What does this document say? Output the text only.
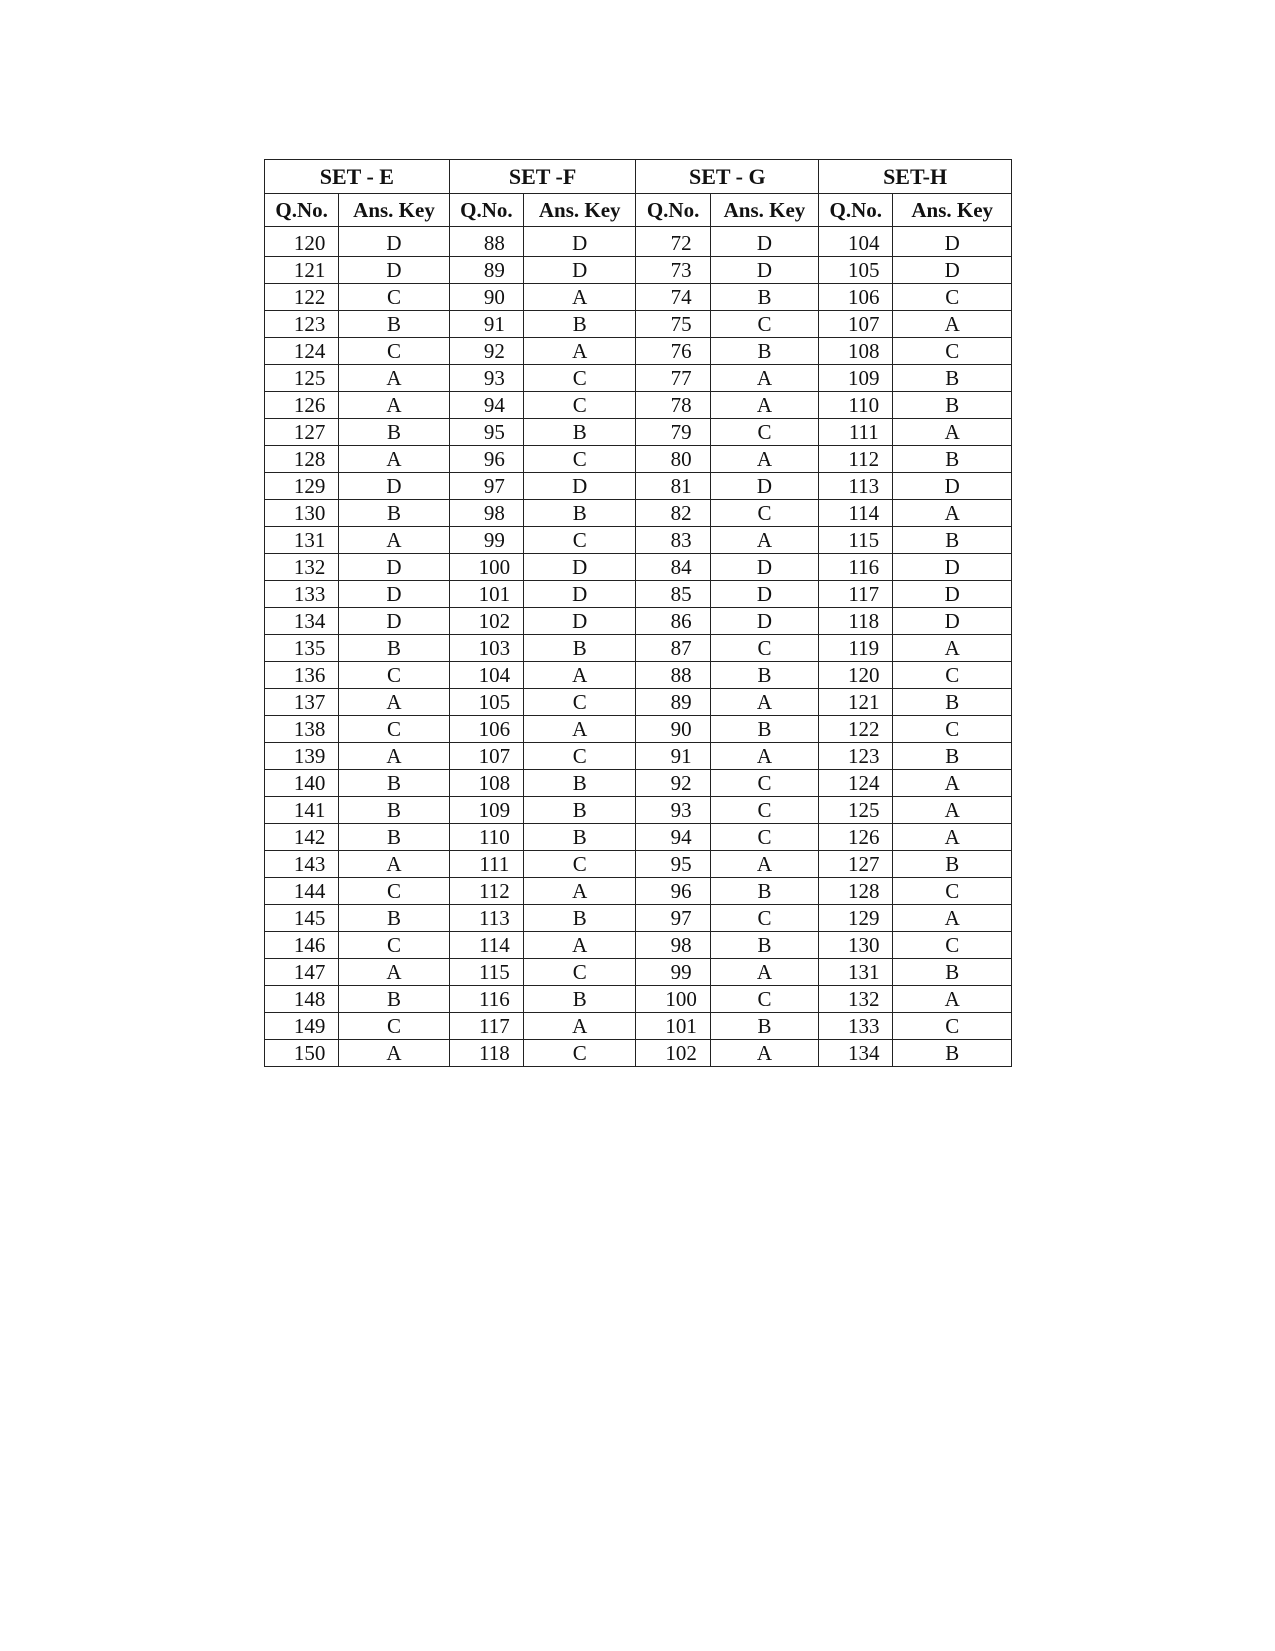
SET - E		SET -F		SET - G		SET-H	
Q.No.	Ans. Key	Q.No.	Ans. Key	Q.No.	Ans. Key	Q.No.	Ans. Key
120	D	88	D	72	D	104	D
121	D	89	D	73	D	105	D
122	C	90	A	74	B	106	C
123	B	91	B	75	C	107	A
124	C	92	A	76	B	108	C
125	A	93	C	77	A	109	B
126	A	94	C	78	A	110	B
127	B	95	B	79	C	111	A
128	A	96	C	80	A	112	B
129	D	97	D	81	D	113	D
130	B	98	B	82	C	114	A
131	A	99	C	83	A	115	B
132	D	100	D	84	D	116	D
133	D	101	D	85	D	117	D
134	D	102	D	86	D	118	D
135	B	103	B	87	C	119	A
136	C	104	A	88	B	120	C
137	A	105	C	89	A	121	B
138	C	106	A	90	B	122	C
139	A	107	C	91	A	123	B
140	B	108	B	92	C	124	A
141	B	109	B	93	C	125	A
142	B	110	B	94	C	126	A
143	A	111	C	95	A	127	B
144	C	112	A	96	B	128	C
145	B	113	B	97	C	129	A
146	C	114	A	98	B	130	C
147	A	115	C	99	A	131	B
148	B	116	B	100	C	132	A
149	C	117	A	101	B	133	C
150	A	118	C	102	A	134	B
